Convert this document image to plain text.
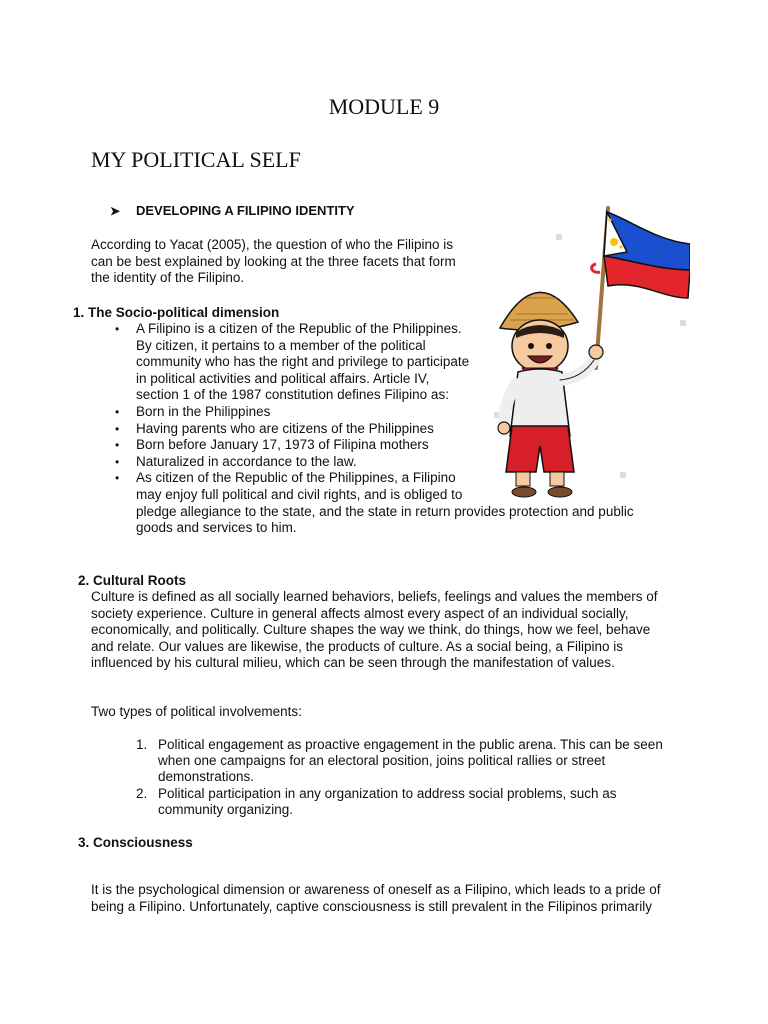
MODULE 9
MY POLITICAL SELF
➤ DEVELOPING A FILIPINO IDENTITY
According to Yacat (2005), the question of who the Filipino is
can be best explained by looking at the three facets that form
the identity of the Filipino.
1. The Socio-political dimension
• A Filipino is a citizen of the Republic of the Philippines.
By citizen, it pertains to a member of the political
community who has the right and privilege to participate
in political activities and political affairs. Article IV,
section 1 of the 1987 constitution defines Filipino as:
• Born in the Philippines
• Having parents who are citizens of the Philippines
• Born before January 17, 1973 of Filipina mothers
• Naturalized in accordance to the law.
• As citizen of the Republic of the Philippines, a Filipino
may enjoy full political and civil rights, and is obliged to
pledge allegiance to the state, and the state in return provides protection and public
goods and services to him.
2. Cultural Roots
Culture is defined as all socially learned behaviors, beliefs, feelings and values the members of
society experience. Culture in general affects almost every aspect of an individual socially,
economically, and politically. Culture shapes the way we think, do things, how we feel, behave
and relate. Our values are likewise, the products of culture. As a social being, a Filipino is
influenced by his cultural milieu, which can be seen through the manifestation of values.
Two types of political involvements:
1. Political engagement as proactive engagement in the public arena. This can be seen
when one campaigns for an electoral position, joins political rallies or street
demonstrations.
2. Political participation in any organization to address social problems, such as
community organizing.
3. Consciousness
It is the psychological dimension or awareness of oneself as a Filipino, which leads to a pride of
being a Filipino. Unfortunately, captive consciousness is still prevalent in the Filipinos primarily
